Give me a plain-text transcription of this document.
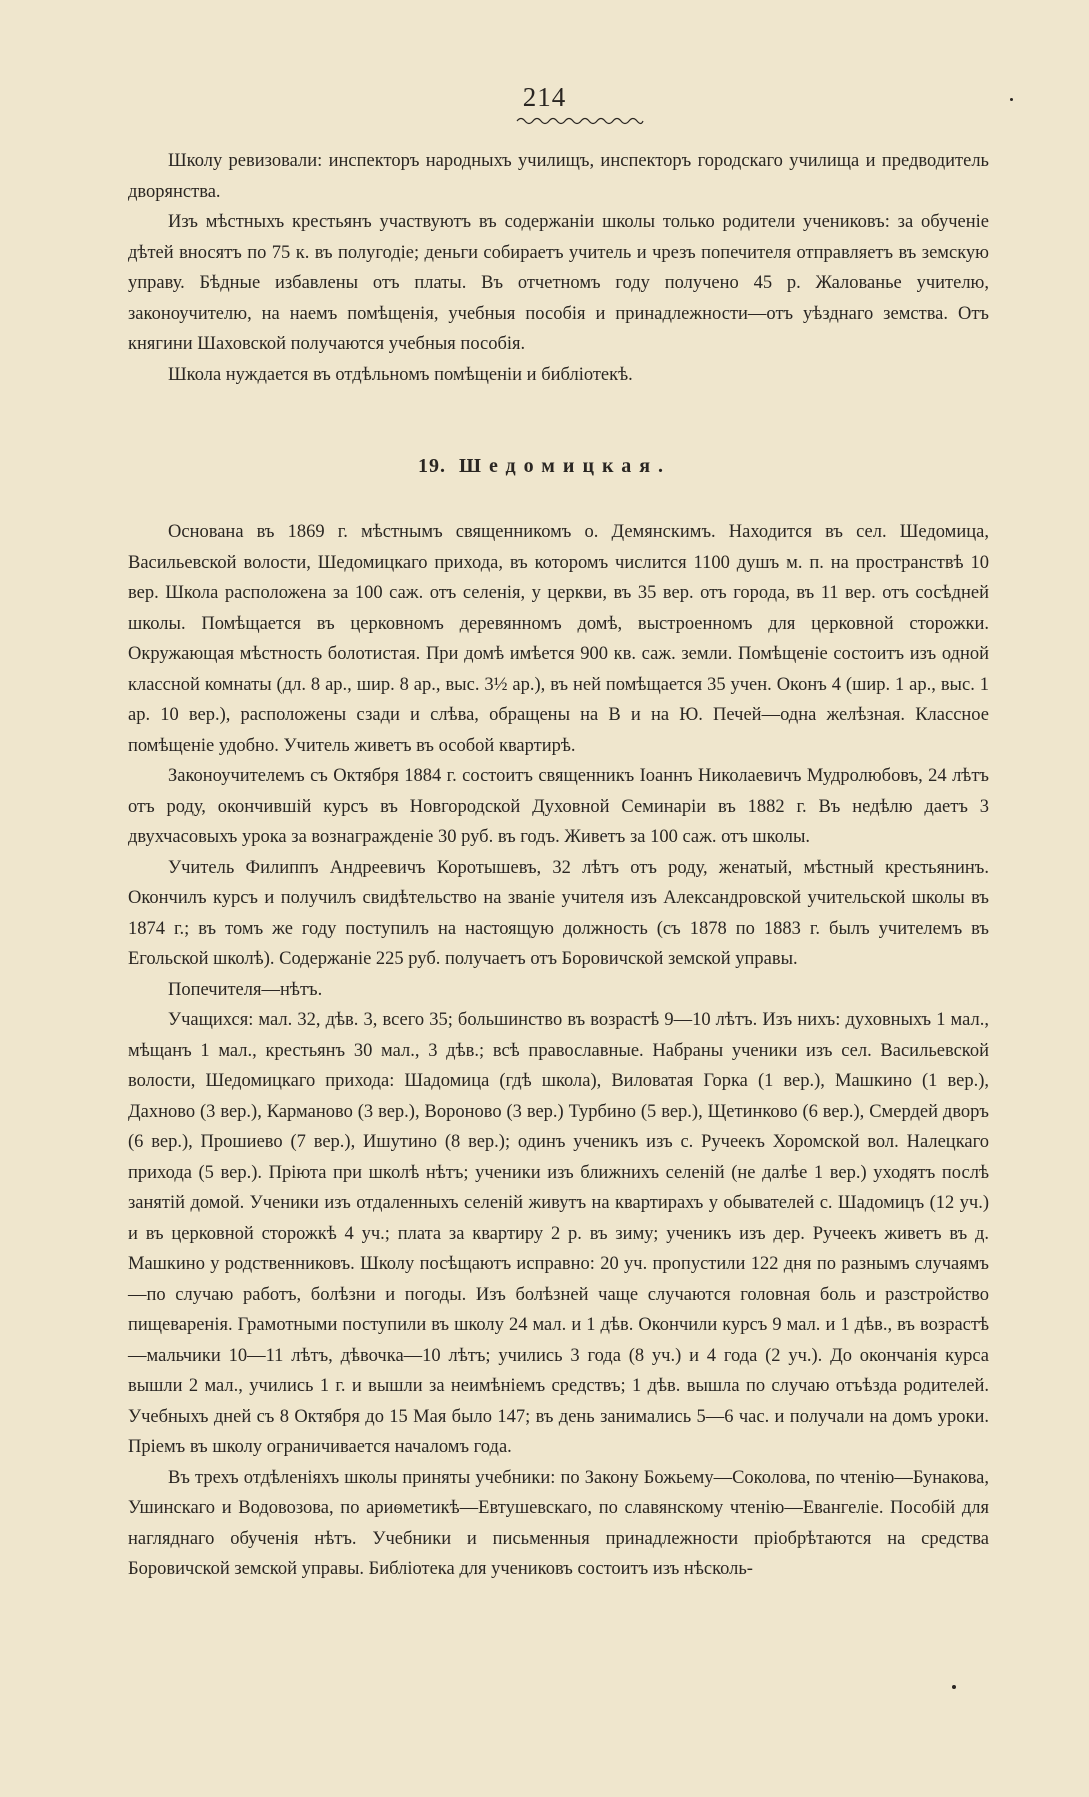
214

Школу ревизовали: инспекторъ народныхъ училищъ, инспекторъ городскаго училища и предводитель дворянства.

Изъ мѣстныхъ крестьянъ участвуютъ въ содержаніи школы только родители учениковъ: за обученіе дѣтей вносятъ по 75 к. въ полугодіе; деньги собираетъ учитель и чрезъ попечителя отправляетъ въ земскую управу. Бѣдные избавлены отъ платы. Въ отчетномъ году получено 45 р. Жалованье учителю, законоучителю, на наемъ помѣщенія, учебныя пособія и принадлежности—отъ уѣзднаго земства. Отъ княгини Шаховской получаются учебныя пособія.

Школа нуждается въ отдѣльномъ помѣщеніи и библіотекѣ.

19. Шедомицкая.

Основана въ 1869 г. мѣстнымъ священникомъ о. Демянскимъ. Находится въ сел. Шедомица, Васильевской волости, Шедомицкаго прихода, въ которомъ числится 1100 душъ м. п. на пространствѣ 10 вер. Школа расположена за 100 саж. отъ селенія, у церкви, въ 35 вер. отъ города, въ 11 вер. отъ сосѣдней школы. Помѣщается въ церковномъ деревянномъ домѣ, выстроенномъ для церковной сторожки. Окружающая мѣстность болотистая. При домѣ имѣется 900 кв. саж. земли. Помѣщеніе состоитъ изъ одной классной комнаты (дл. 8 ар., шир. 8 ар., выс. 3½ ар.), въ ней помѣщается 35 учен. Оконъ 4 (шир. 1 ар., выс. 1 ар. 10 вер.), расположены сзади и слѣва, обращены на В и на Ю. Печей—одна желѣзная. Классное помѣщеніе удобно. Учитель живетъ въ особой квартирѣ.

Законоучителемъ съ Октября 1884 г. состоитъ священникъ Іоаннъ Николаевичъ Мудролюбовъ, 24 лѣтъ отъ роду, окончившій курсъ въ Новгородской Духовной Семинаріи въ 1882 г. Въ недѣлю даетъ 3 двухчасовыхъ урока за вознагражденіе 30 руб. въ годъ. Живетъ за 100 саж. отъ школы.

Учитель Филиппъ Андреевичъ Коротышевъ, 32 лѣтъ отъ роду, женатый, мѣстный крестьянинъ. Окончилъ курсъ и получилъ свидѣтельство на званіе учителя изъ Александровской учительской школы въ 1874 г.; въ томъ же году поступилъ на настоящую должность (съ 1878 по 1883 г. былъ учителемъ въ Егольской школѣ). Содержаніе 225 руб. получаетъ отъ Боровичской земской управы.

Попечителя—нѣтъ.

Учащихся: мал. 32, дѣв. 3, всего 35; большинство въ возрастѣ 9—10 лѣтъ. Изъ нихъ: духовныхъ 1 мал., мѣщанъ 1 мал., крестьянъ 30 мал., 3 дѣв.; всѣ православные. Набраны ученики изъ сел. Васильевской волости, Шедомицкаго прихода: Шадомица (гдѣ школа), Виловатая Горка (1 вер.), Машкино (1 вер.), Дахново (3 вер.), Карманово (3 вер.), Вороново (3 вер.) Турбино (5 вер.), Щетинково (6 вер.), Смердей дворъ (6 вер.), Прошиево (7 вер.), Ишутино (8 вер.); одинъ ученикъ изъ с. Ручеекъ Хоромской вол. Налецкаго прихода (5 вер.). Пріюта при школѣ нѣтъ; ученики изъ ближнихъ селеній (не далѣе 1 вер.) уходятъ послѣ занятій домой. Ученики изъ отдаленныхъ селеній живутъ на квартирахъ у обывателей с. Шадомицъ (12 уч.) и въ церковной сторожкѣ 4 уч.; плата за квартиру 2 р. въ зиму; ученикъ изъ дер. Ручеекъ живетъ въ д. Машкино у родственниковъ. Школу посѣщаютъ исправно: 20 уч. пропустили 122 дня по разнымъ случаямъ—по случаю работъ, болѣзни и погоды. Изъ болѣзней чаще случаются головная боль и разстройство пищеваренія. Грамотными поступили въ школу 24 мал. и 1 дѣв. Окончили курсъ 9 мал. и 1 дѣв., въ возрастѣ—мальчики 10—11 лѣтъ, дѣвочка—10 лѣтъ; учились 3 года (8 уч.) и 4 года (2 уч.). До окончанія курса вышли 2 мал., учились 1 г. и вышли за неимѣніемъ средствъ; 1 дѣв. вышла по случаю отъѣзда родителей. Учебныхъ дней съ 8 Октября до 15 Мая было 147; въ день занимались 5—6 час. и получали на домъ уроки. Пріемъ въ школу ограничивается началомъ года.

Въ трехъ отдѣленіяхъ школы приняты учебники: по Закону Божьему—Соколова, по чтенію—Бунакова, Ушинскаго и Водовозова, по ариѳметикѣ—Евтушевскаго, по славянскому чтенію—Евангеліе. Пособій для нагляднаго обученія нѣтъ. Учебники и письменныя принадлежности пріобрѣтаются на средства Боровичской земской управы. Библіотека для учениковъ состоитъ изъ нѣсколь-
